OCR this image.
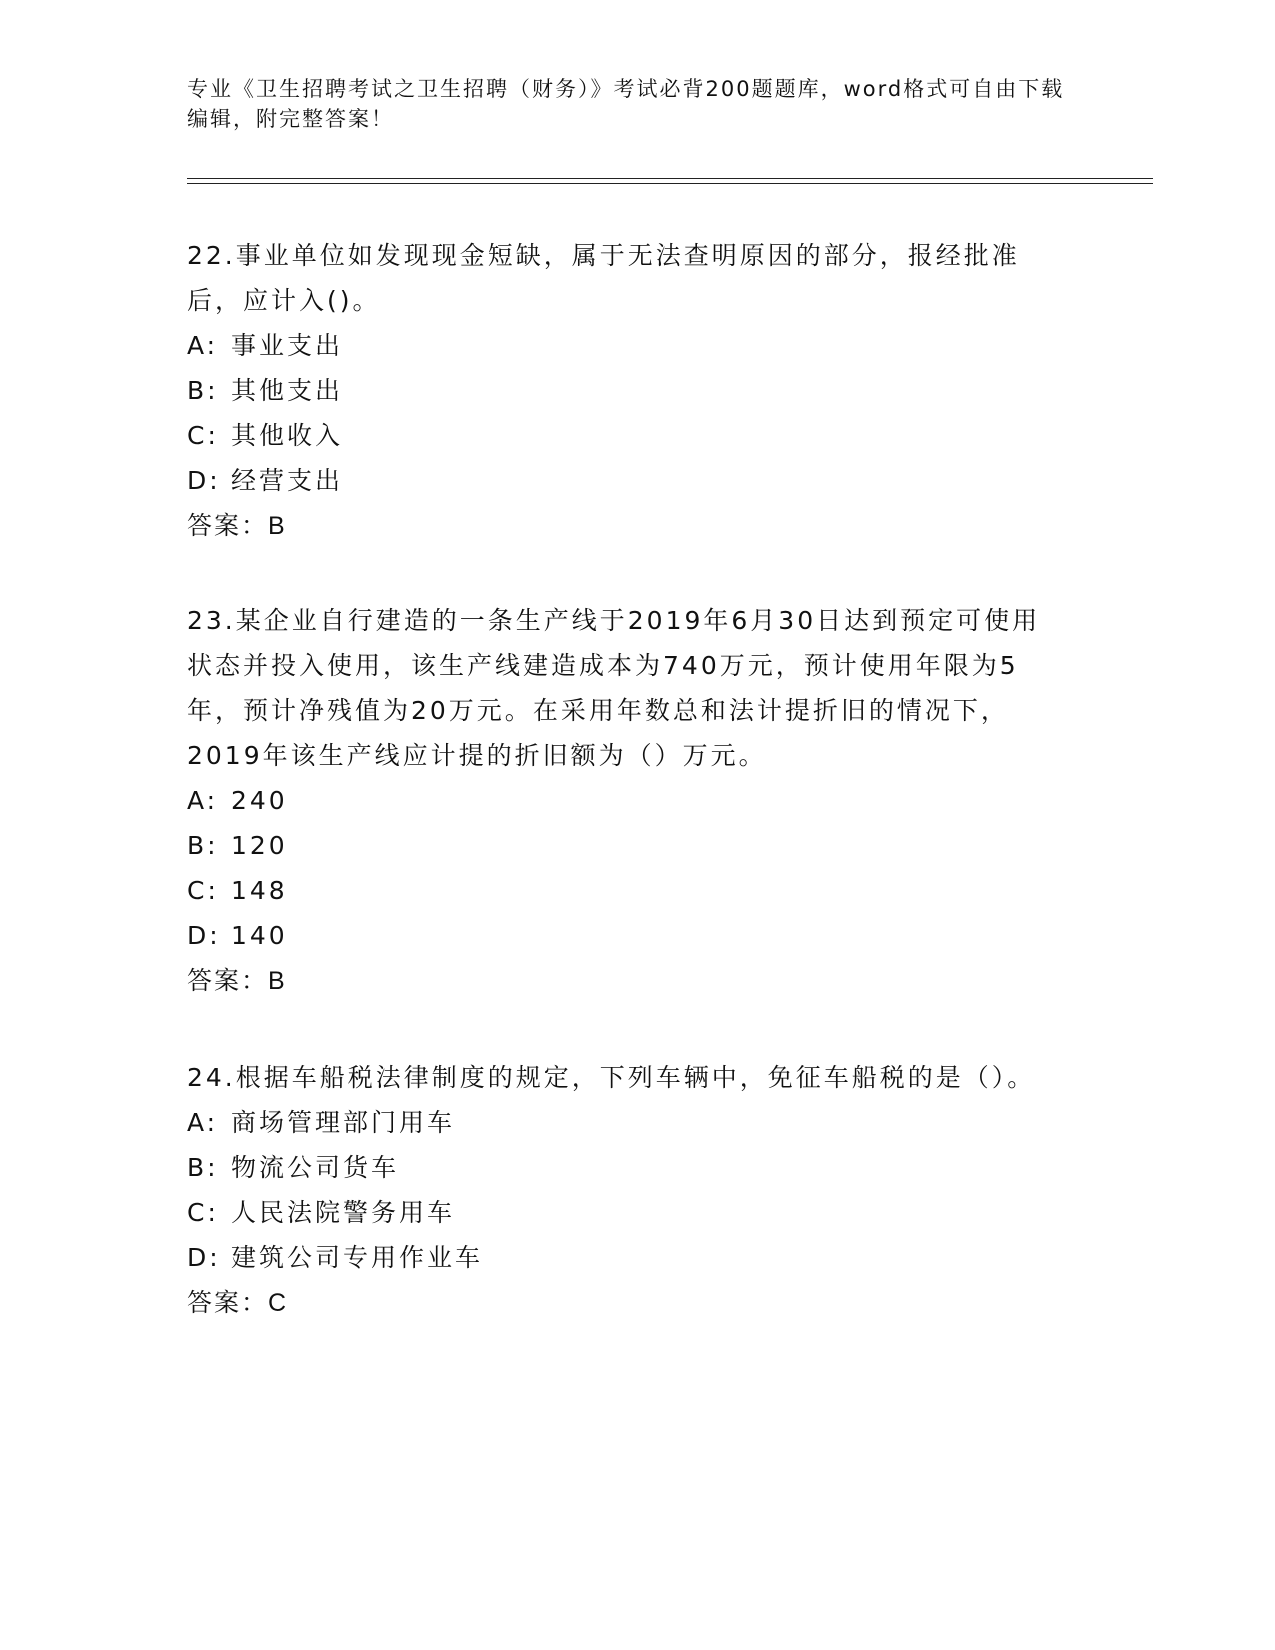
专业《卫生招聘考试之卫生招聘（财务）》考试必背200题题库，word格式可自由下载编辑，附完整答案！
22.事业单位如发现现金短缺，属于无法查明原因的部分，报经批准后，应计入()。
A: 事业支出
B: 其他支出
C: 其他收入
D: 经营支出
答案：B
23.某企业自行建造的一条生产线于2019年6月30日达到预定可使用状态并投入使用，该生产线建造成本为740万元，预计使用年限为5年，预计净残值为20万元。在采用年数总和法计提折旧的情况下，2019年该生产线应计提的折旧额为（）万元。
A: 240
B: 120
C: 148
D: 140
答案：B
24.根据车船税法律制度的规定，下列车辆中，免征车船税的是（）。
A: 商场管理部门用车
B: 物流公司货车
C: 人民法院警务用车
D: 建筑公司专用作业车
答案：C
